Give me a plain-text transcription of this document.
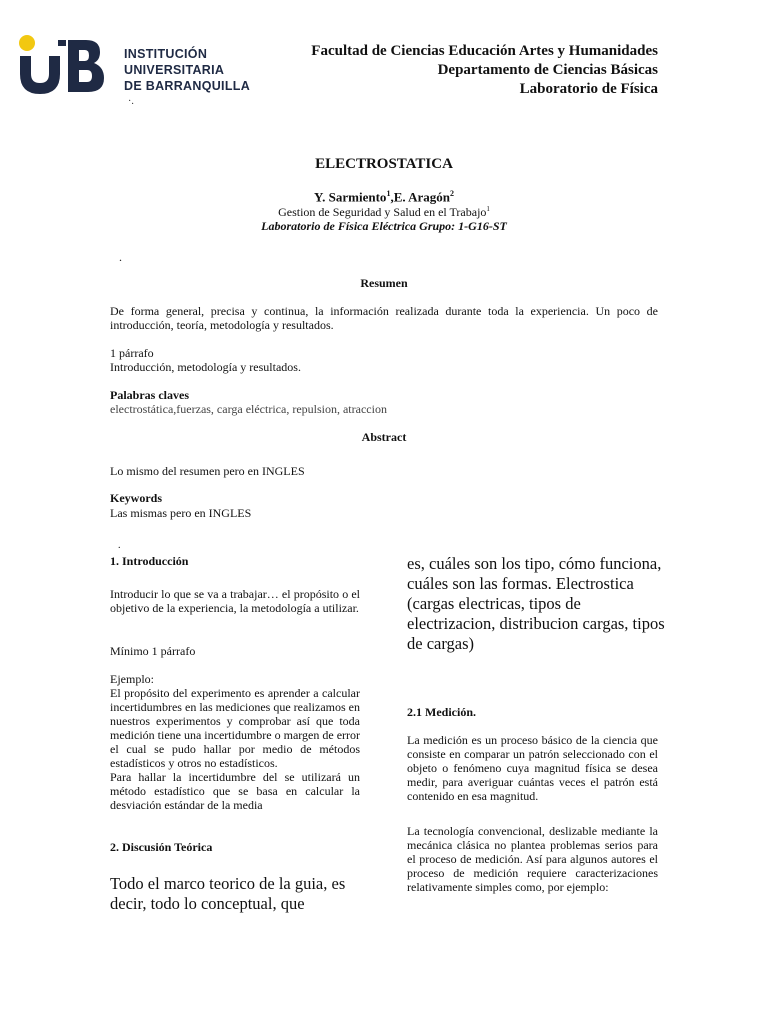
INSTITUCIÓN
UNIVERSITARIA
DE BARRANQUILLA
·.
Facultad de Ciencias Educación Artes y Humanidades
Departamento de Ciencias Básicas
Laboratorio de Física
ELECTROSTATICA
Y. Sarmiento$^1$,E. Aragón$^2$
Gestion de Seguridad y Salud en el Trabajo$^1$
Laboratorio de Física Eléctrica Grupo: 1-G16-ST
.
Resumen
De forma general, precisa y continua, la información realizada durante toda la experiencia. Un poco de introducción, teoría, metodología y resultados.
1 párrafo
Introducción, metodología y resultados.
Palabras claves
electrostática,fuerzas, carga eléctrica, repulsion, atraccion
Abstract
Lo mismo del resumen pero en INGLES
Keywords
Las mismas pero en INGLES
.
1. Introducción
Introducir lo que se va a trabajar… el propósito o el objetivo de la experiencia, la metodología a utilizar.
Mínimo 1 párrafo
Ejemplo:
El propósito del experimento es aprender a calcular incertidumbres en las mediciones que realizamos en nuestros experimentos y comprobar así que toda medición tiene una incertidumbre o margen de error el cual se pudo hallar por medio de métodos estadísticos y otros no estadísticos.
Para hallar la incertidumbre del se utilizará un método estadístico que se basa en calcular la desviación estándar de la media
2. Discusión Teórica
Todo el marco teorico de la guia, es decir, todo lo conceptual, que
es, cuáles son los tipo, cómo funciona, cuáles son las formas. Electrostica (cargas electricas, tipos de electrizacion, distribucion cargas, tipos de cargas)
2.1 Medición.
La medición es un proceso básico de la ciencia que consiste en comparar un patrón seleccionado con el objeto o fenómeno cuya magnitud física se desea medir, para averiguar cuántas veces el patrón está contenido en esa magnitud.
La tecnología convencional, deslizable mediante la mecánica clásica no plantea problemas serios para el proceso de medición. Así para algunos autores el proceso de medición requiere caracterizaciones relativamente simples como, por ejemplo:
